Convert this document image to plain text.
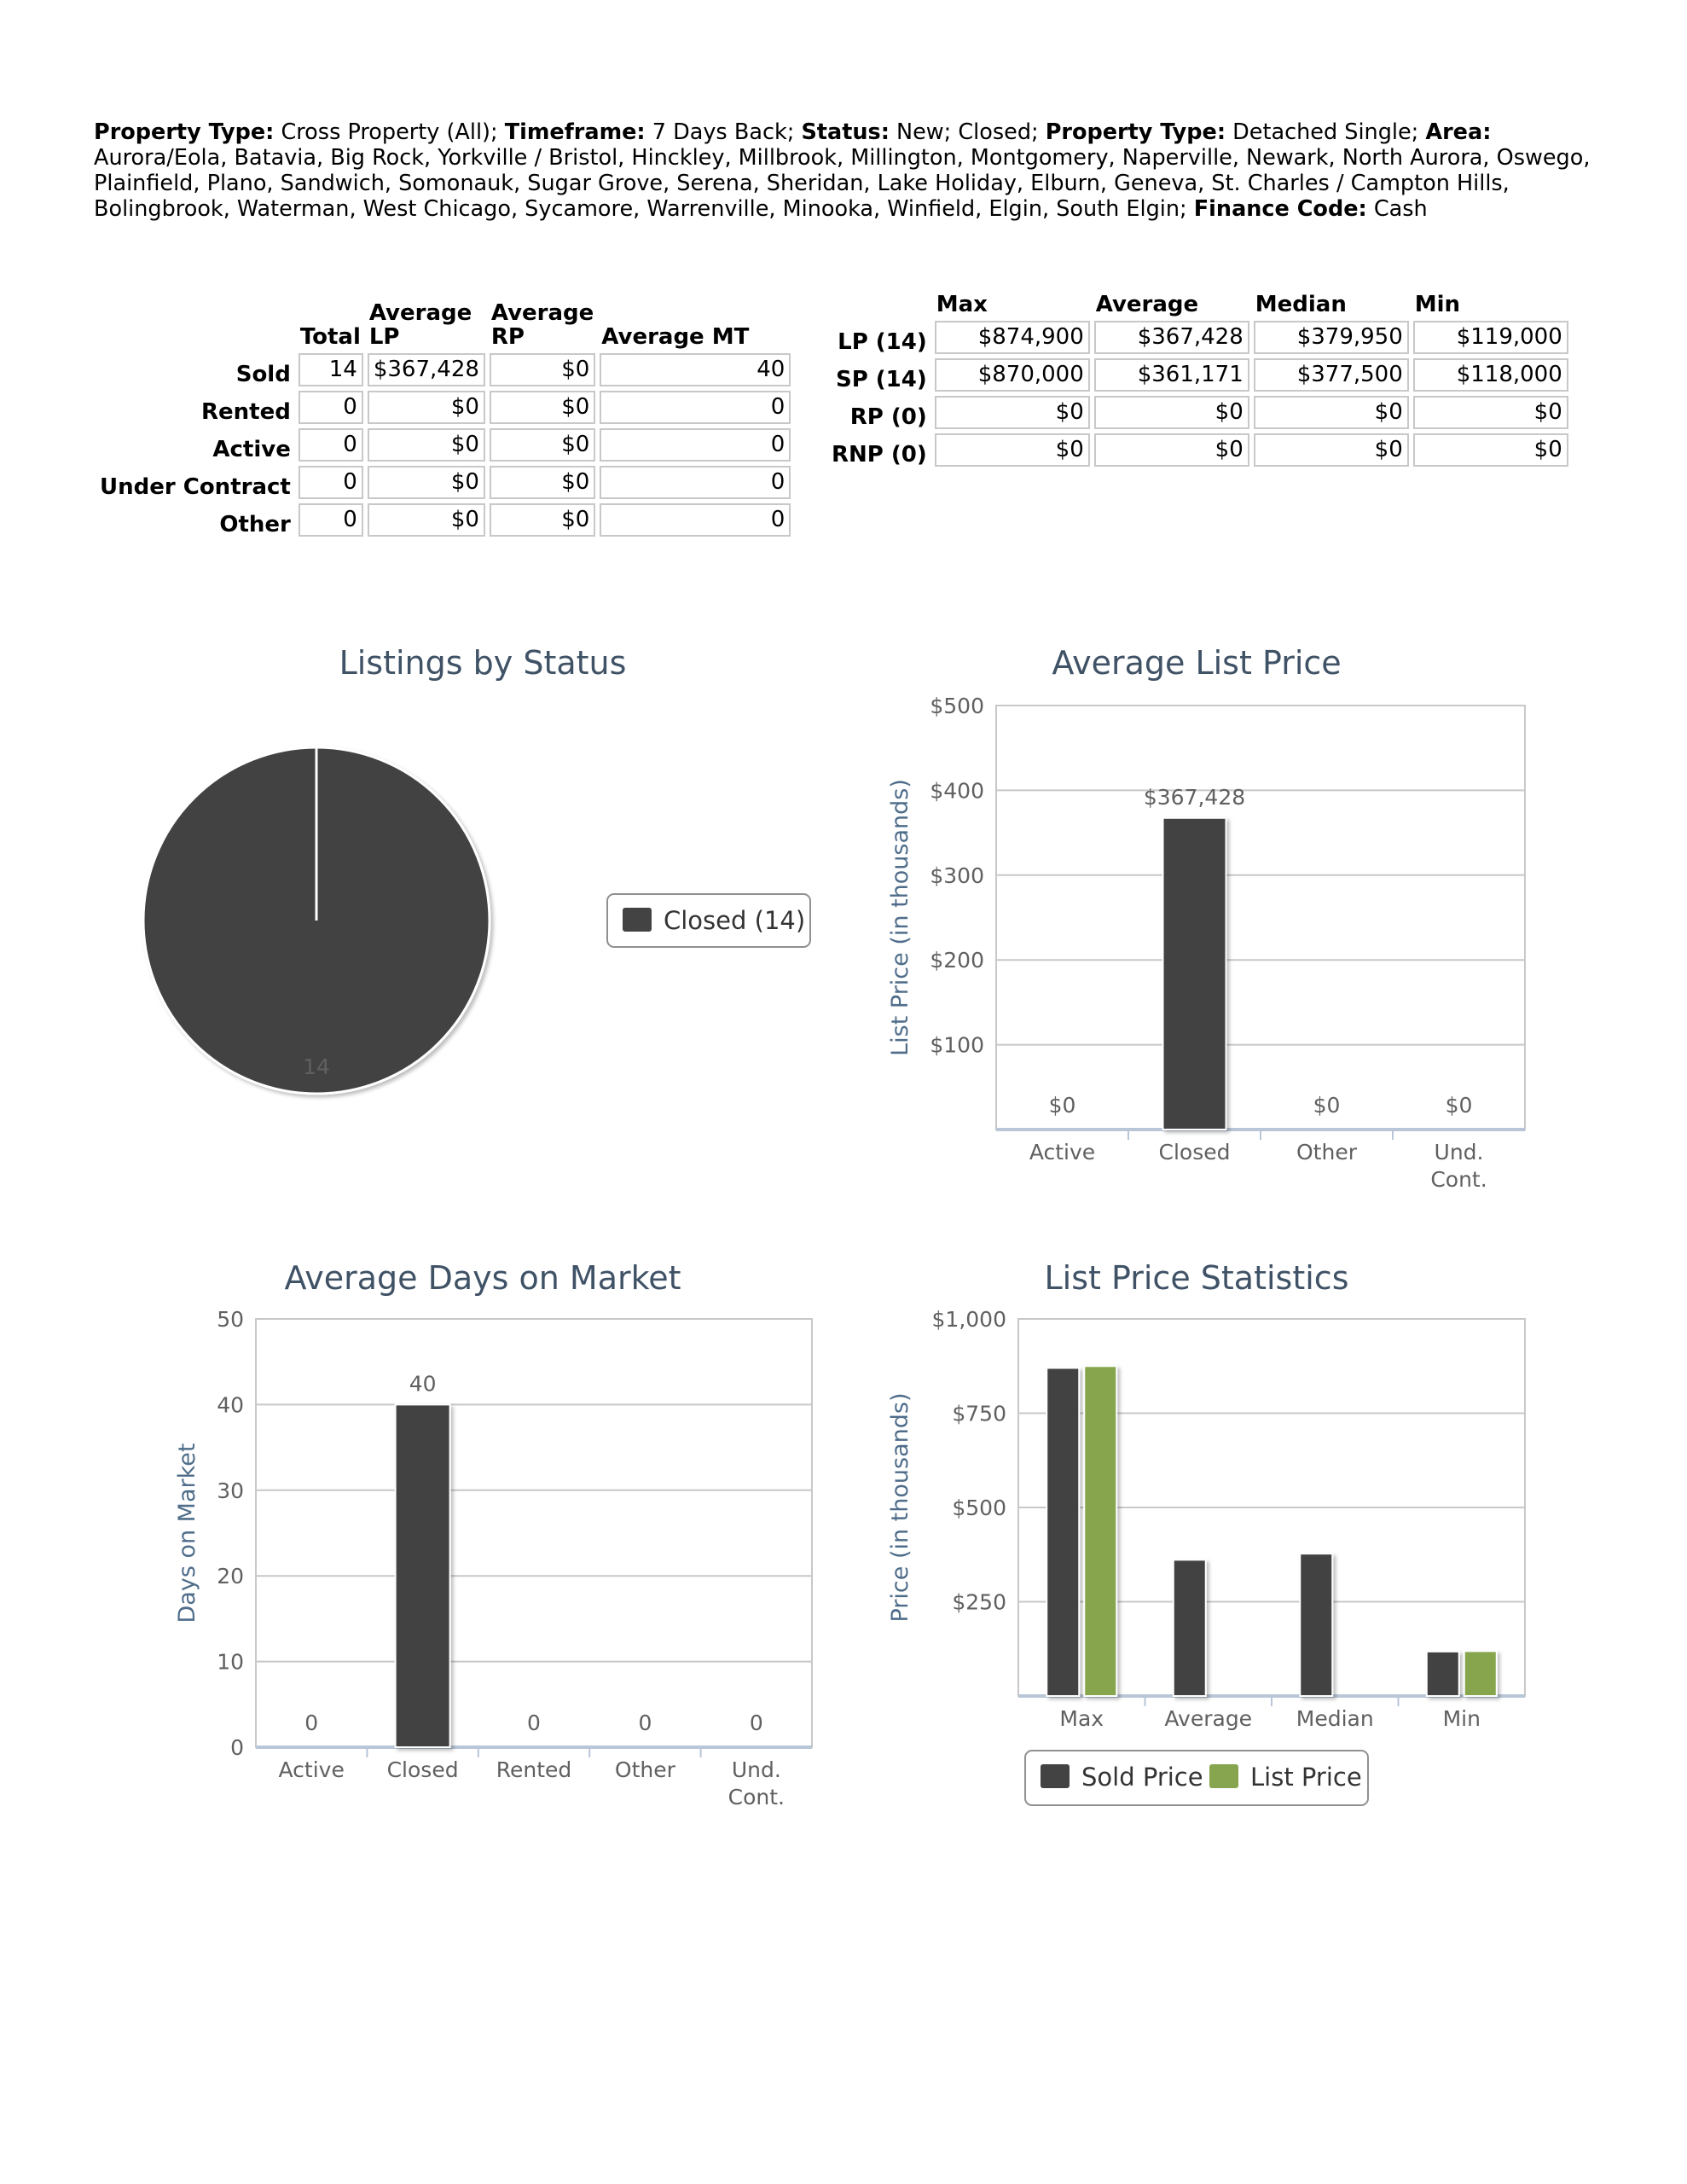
Property Type: Cross Property (All); Timeframe: 7 Days Back; Status: New; Closed; Property Type: Detached Single; Area: Aurora/Eola, Batavia, Big Rock, Yorkville / Bristol, Hinckley, Millbrook, Millington, Montgomery, Naperville, Newark, North Aurora, Oswego, Plainfield, Plano, Sandwich, Somonauk, Sugar Grove, Serena, Sheridan, Lake Holiday, Elburn, Geneva, St. Charles / Campton Hills, Bolingbrook, Waterman, West Chicago, Sycamore, Warrenville, Minooka, Winfield, Elgin, South Elgin; Finance Code: Cash
	Total	Average LP	Average RP	Average MT
Sold	14	$367,428	$0	40
Rented	0	$0	$0	0
Active	0	$0	$0	0
Under Contract	0	$0	$0	0
Other	0	$0	$0	0
	Max	Average	Median	Min
LP (14)	$874,900	$367,428	$379,950	$119,000
SP (14)	$870,000	$361,171	$377,500	$118,000
RP (0)	$0	$0	$0	$0
RNP (0)	$0	$0	$0	$0
Listings by Status
14
Closed (14)
Average List Price
$100
$200
$300
$400
$500
List Price (in thousands)
Active	Closed	Other	Und. Cont.
$0
$367,428
$0	$0
Average Days on Market
0
10
20
30
40
50
Days on Market
Active Closed Rented Other	Und. Cont.
0
40
0	0	0
List Price Statistics
$250
$500
$750
$1,000
Price (in thousands)
Max	Average Median	Min
Sold Price List Price
